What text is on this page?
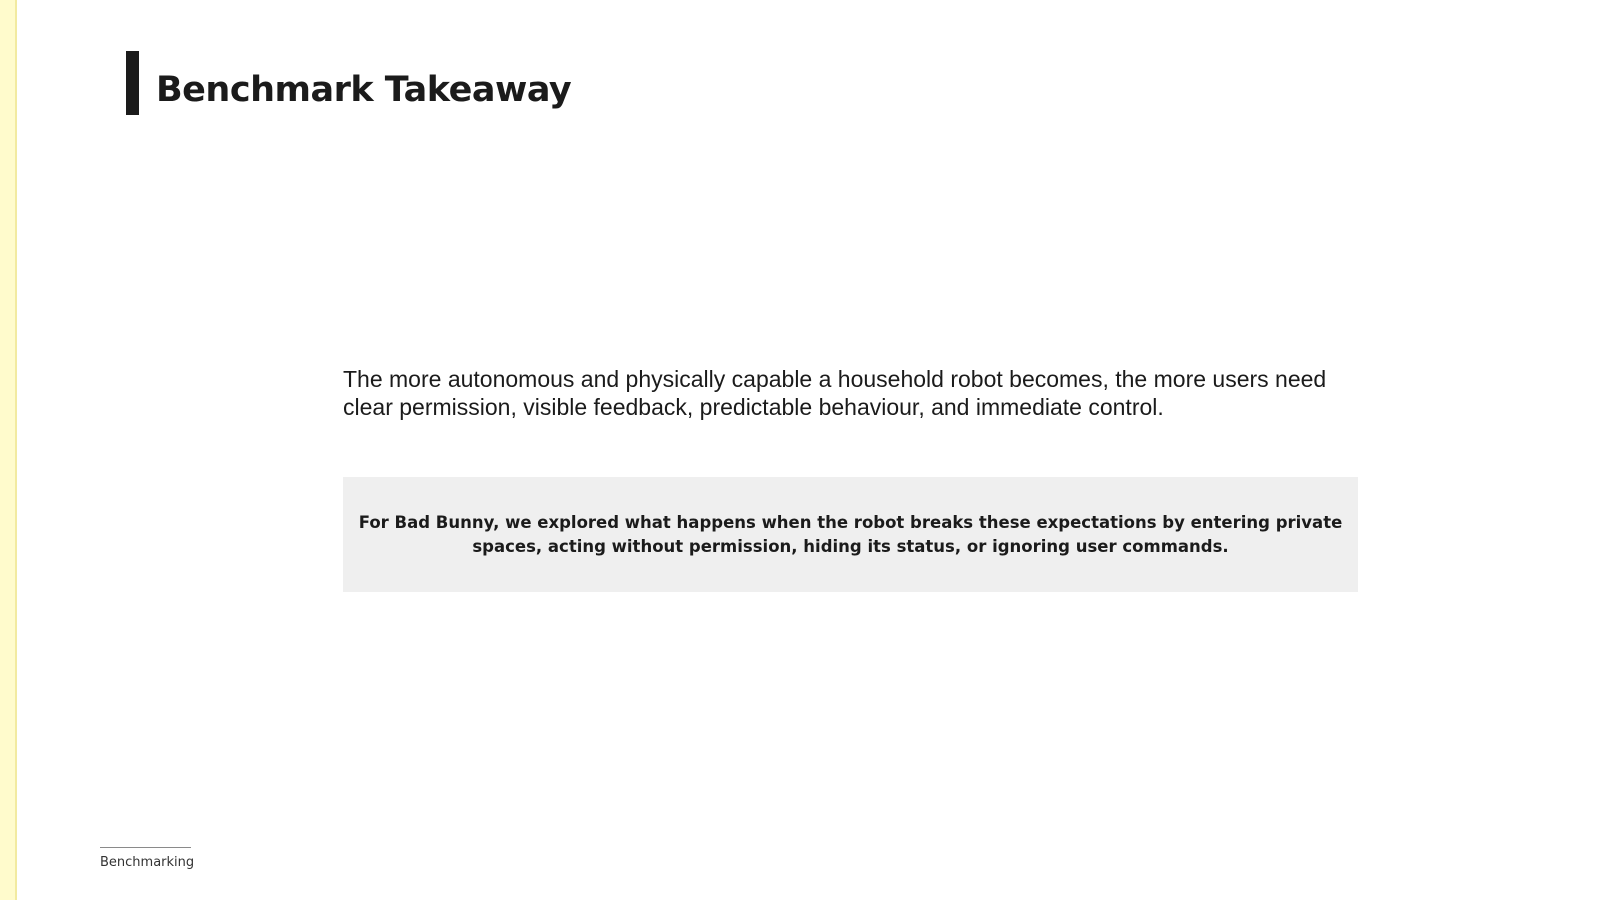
Benchmark Takeaway

The more autonomous and physically capable a household robot becomes, the more users need clear permission, visible feedback, predictable behaviour, and immediate control.

For Bad Bunny, we explored what happens when the robot breaks these expectations by entering private spaces, acting without permission, hiding its status, or ignoring user commands.

Benchmarking
